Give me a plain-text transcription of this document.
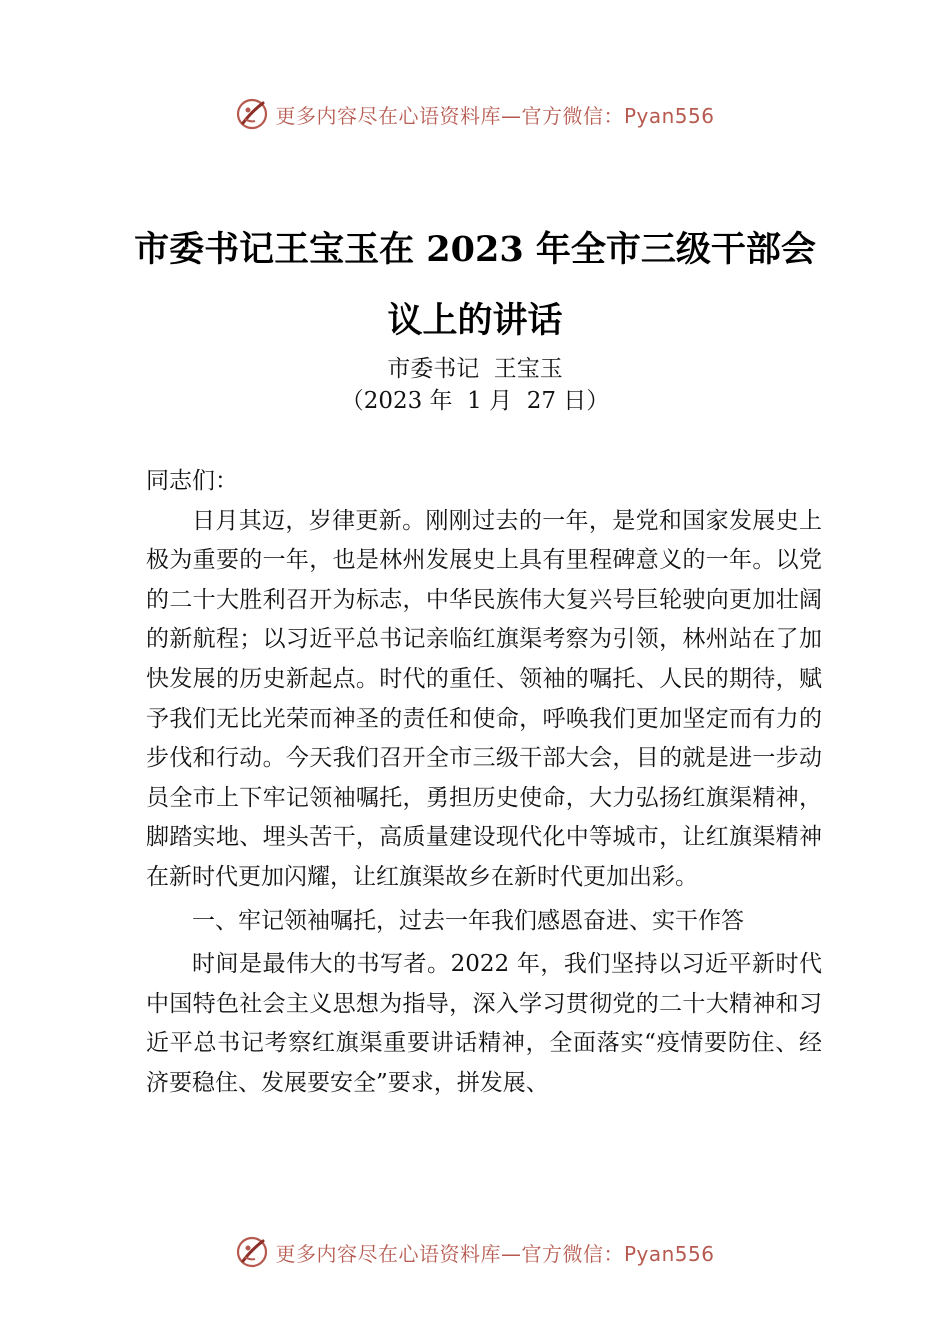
更多内容尽在心语资料库—官方微信：Pyan556
市委书记王宝玉在 2023 年全市三级干部会
议上的讲话
市委书记  王宝玉
（2023 年  1 月  27 日）

同志们：

日月其迈，岁律更新。刚刚过去的一年，是党和国家发展史上极为重要的一年，也是林州发展史上具有里程碑意义的一年。以党的二十大胜利召开为标志，中华民族伟大复兴号巨轮驶向更加壮阔的新航程；以习近平总书记亲临红旗渠考察为引领，林州站在了加快发展的历史新起点。时代的重任、领袖的嘱托、人民的期待，赋予我们无比光荣而神圣的责任和使命，呼唤我们更加坚定而有力的步伐和行动。今天我们召开全市三级干部大会，目的就是进一步动员全市上下牢记领袖嘱托，勇担历史使命，大力弘扬红旗渠精神，脚踏实地、埋头苦干，高质量建设现代化中等城市，让红旗渠精神在新时代更加闪耀，让红旗渠故乡在新时代更加出彩。

一、牢记领袖嘱托，过去一年我们感恩奋进、实干作答

时间是最伟大的书写者。2022 年，我们坚持以习近平新时代中国特色社会主义思想为指导，深入学习贯彻党的二十大精神和习近平总书记考察红旗渠重要讲话精神，全面落实“疫情要防住、经济要稳住、发展要安全”要求，拼发展、

更多内容尽在心语资料库—官方微信：Pyan556
